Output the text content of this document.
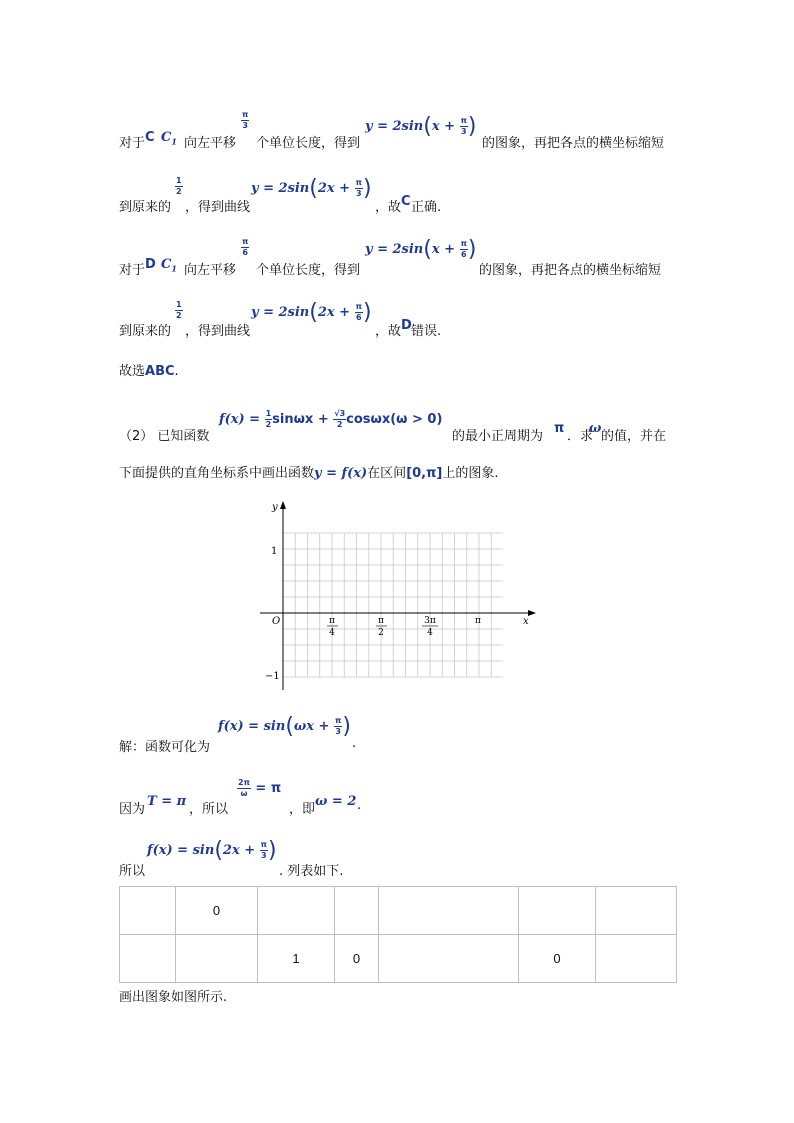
对于 C $C_1$ 向左平移
$\frac{\pi}{3}$
个单位长度，得到
$y = 2\sin(x + \frac{\pi}{3}$ )
的图象，再把各点的横坐标缩短
到原来的
$\frac{1}{2}$
，得到曲线
$y = 2\sin(2x + \frac{\pi}{3}$ )
，故 C 正确.
对于 D $C_1$ 向左平移
$\frac{\pi}{6}$
个单位长度，得到
$y = 2\sin(x + \frac{\pi}{6}$ )
的图象，再把各点的横坐标缩短
到原来的
$\frac{1}{2}$
，得到曲线
$y = 2\sin(2x + \frac{\pi}{6}$ )
，故 D 错误.
故选ABC.
（2） 已知函数
$f(x) = \frac{1}{2}$ $\sin\omega x + \frac{√3}{2} \cos\omega x(\omega > 0)$
的最小正周期为
π
．求
ω
的值，并在
下面提供的直角坐标系中画出函数y = f(x)在区间[0,π]上的图象.
y
x
O
1
−1
π
4
π
2
3π
4
π
解：函数可化为
$f(x) = \sin(\omega x + \frac{\pi}{3}$ )
.
因为
T = π
，所以
$\frac{2\pi}{\omega} = \pi$
，即
ω = 2 .
所以
$f(x) = \sin(2x + \frac{\pi}{3}$ )
. 列表如下.
	0					
		1	0		0	
画出图象如图所示.
